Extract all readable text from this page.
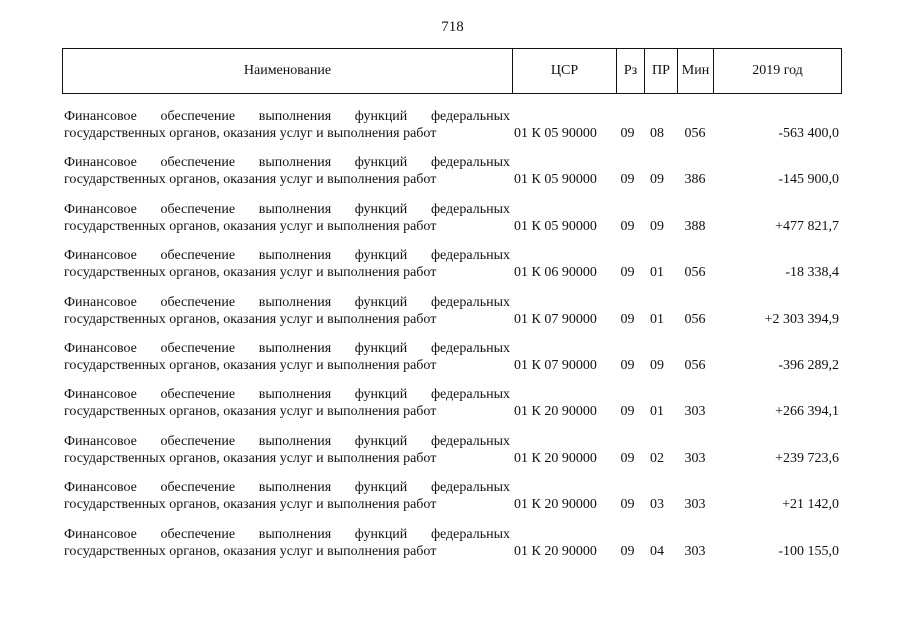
718
Наименование	ЦСР	Рз	ПР	Мин	2019 год
Финансовое обеспечение выполнения функций федеральных
государственных органов, оказания услуг и выполнения работ	01 К 05 90000	09	08	056	-563 400,0
Финансовое обеспечение выполнения функций федеральных
государственных органов, оказания услуг и выполнения работ	01 К 05 90000	09	09	386	-145 900,0
Финансовое обеспечение выполнения функций федеральных
государственных органов, оказания услуг и выполнения работ	01 К 05 90000	09	09	388	+477 821,7
Финансовое обеспечение выполнения функций федеральных
государственных органов, оказания услуг и выполнения работ	01 К 06 90000	09	01	056	-18 338,4
Финансовое обеспечение выполнения функций федеральных
государственных органов, оказания услуг и выполнения работ	01 К 07 90000	09	01	056	+2 303 394,9
Финансовое обеспечение выполнения функций федеральных
государственных органов, оказания услуг и выполнения работ	01 К 07 90000	09	09	056	-396 289,2
Финансовое обеспечение выполнения функций федеральных
государственных органов, оказания услуг и выполнения работ	01 К 20 90000	09	01	303	+266 394,1
Финансовое обеспечение выполнения функций федеральных
государственных органов, оказания услуг и выполнения работ	01 К 20 90000	09	02	303	+239 723,6
Финансовое обеспечение выполнения функций федеральных
государственных органов, оказания услуг и выполнения работ	01 К 20 90000	09	03	303	+21 142,0
Финансовое обеспечение выполнения функций федеральных
государственных органов, оказания услуг и выполнения работ	01 К 20 90000	09	04	303	-100 155,0
